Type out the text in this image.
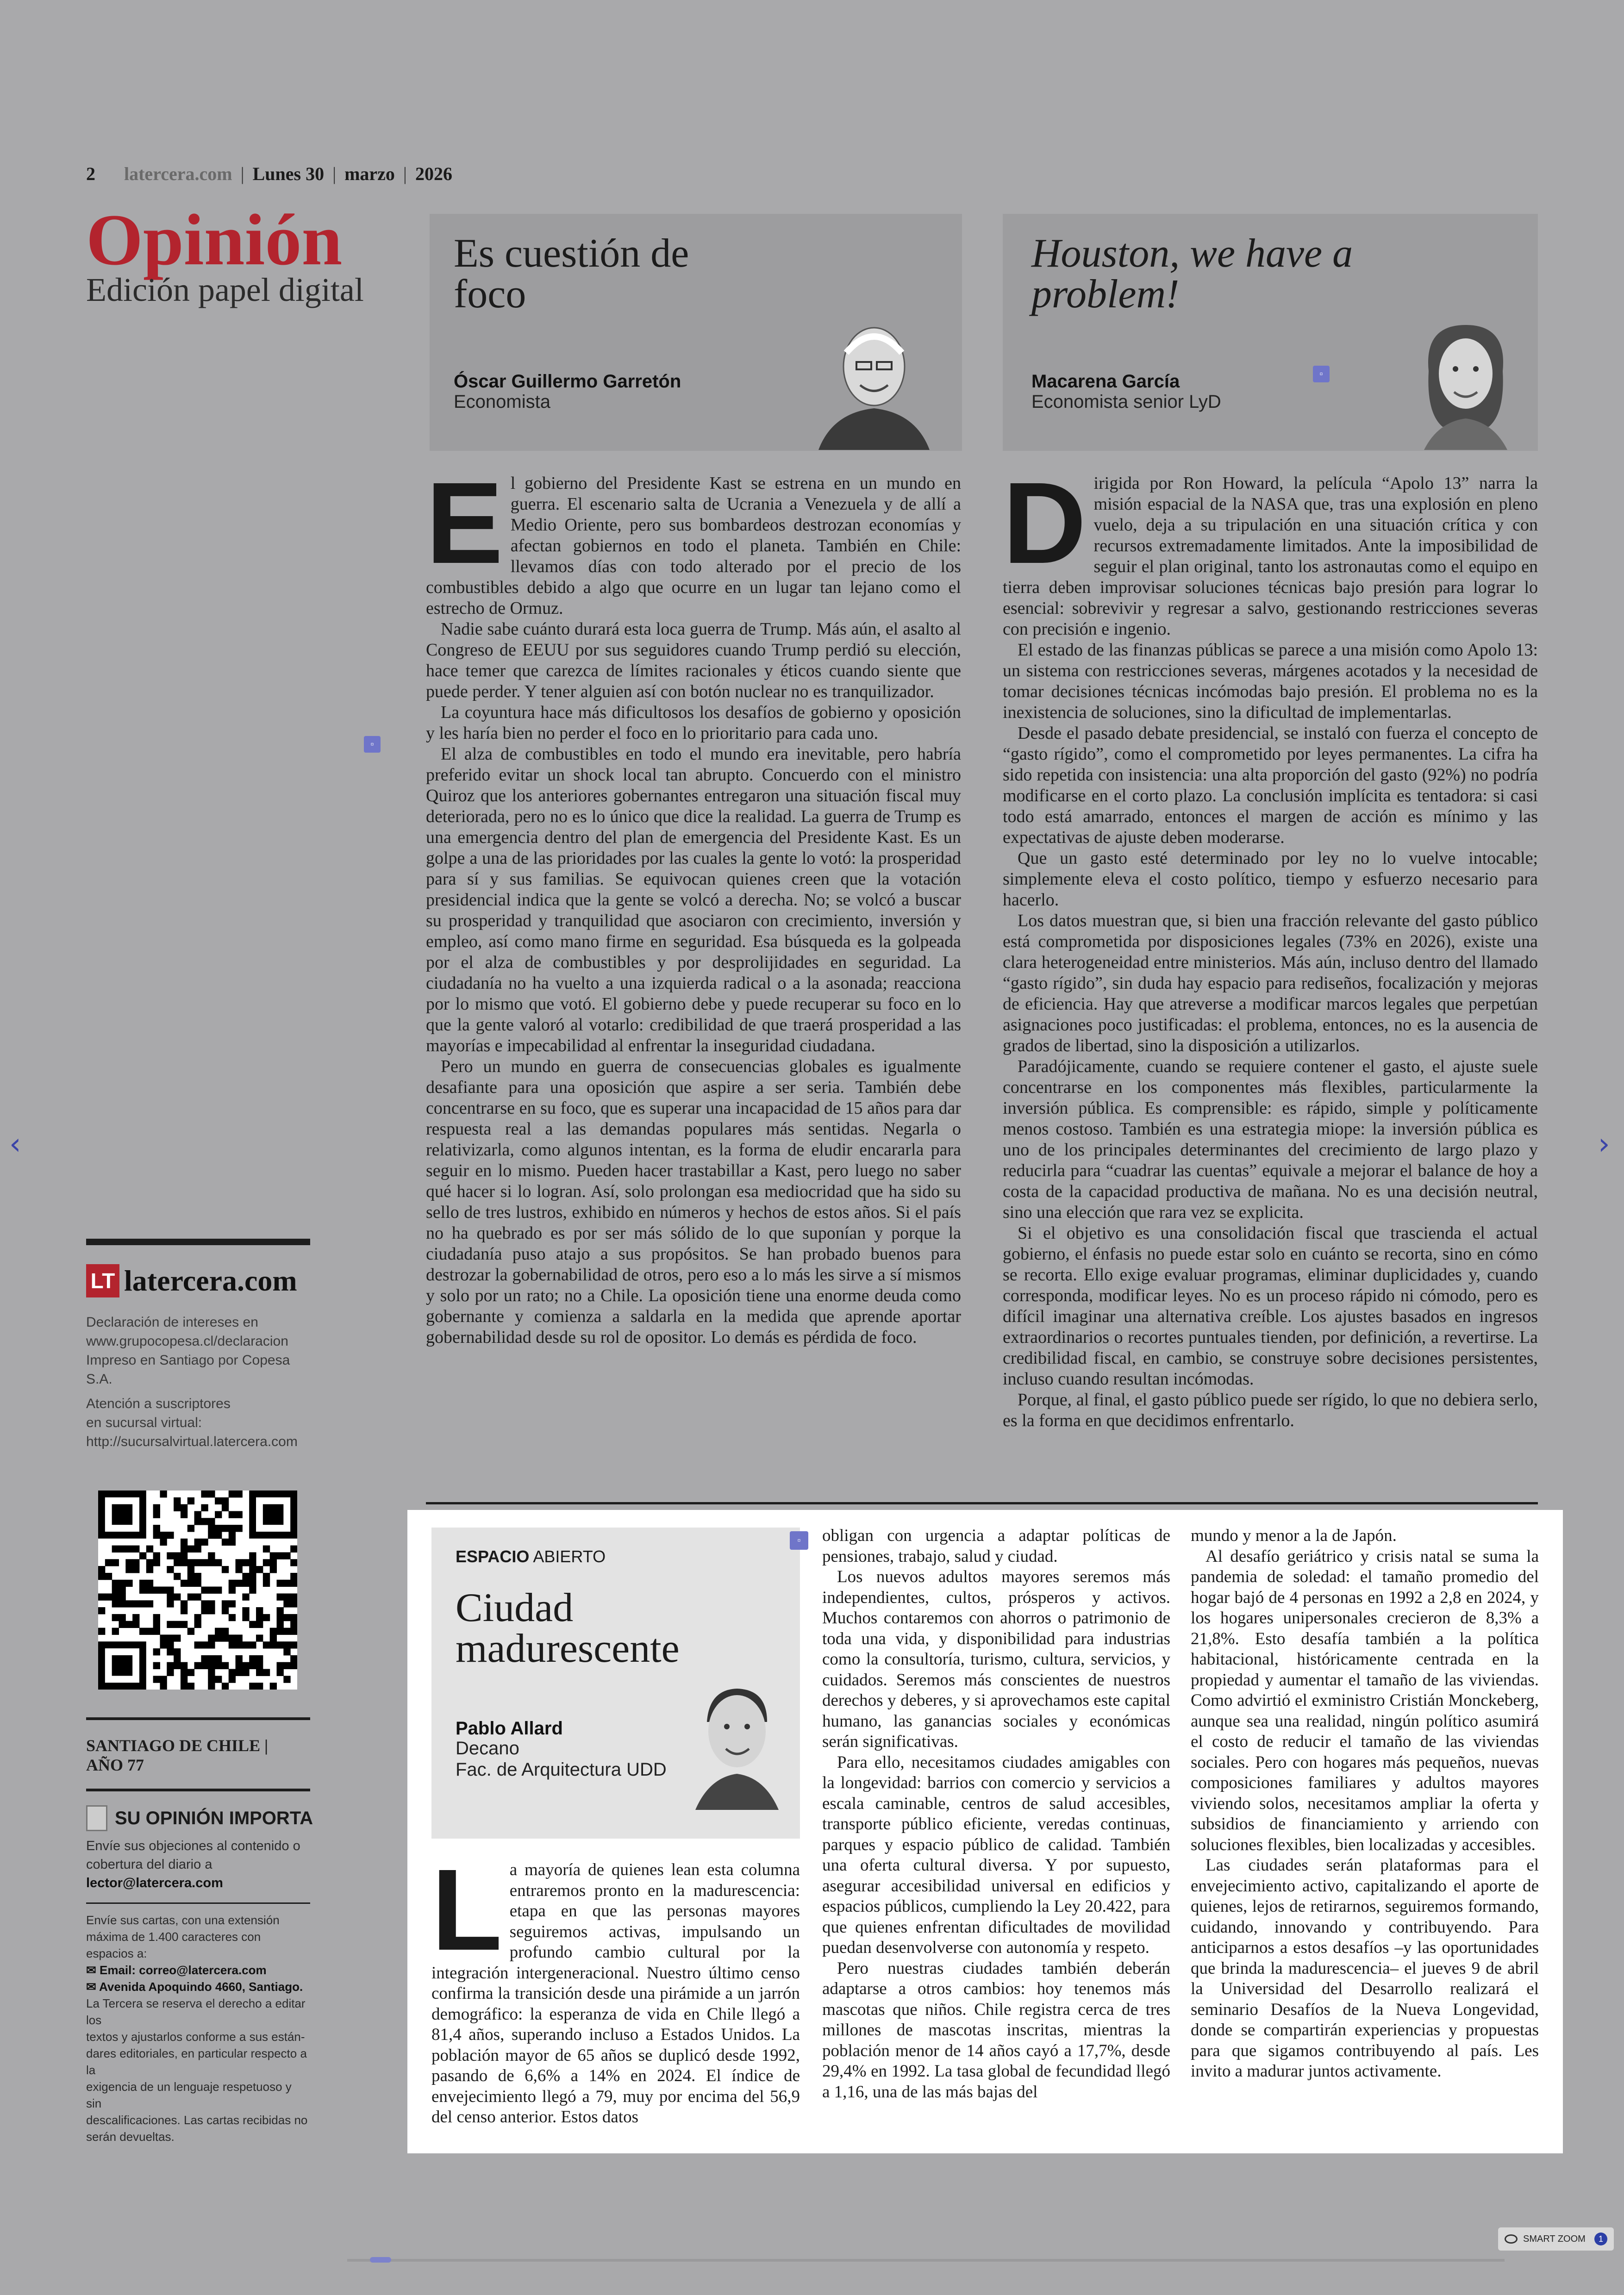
2 latercera.com | Lunes 30 | marzo | 2026
Opinión
Edición papel digital
LT latercera.com
Declaración de intereses en
www.grupocopesa.cl/declaracion
Impreso en Santiago por Copesa S.A.
Atención a suscriptores
en sucursal virtual:
http://sucursalvirtual.latercera.com
SANTIAGO DE CHILE |
AÑO 77
SU OPINIÓN IMPORTA
Envíe sus objeciones al contenido o
cobertura del diario a
lector@latercera.com
Envíe sus cartas, con una extensión
máxima de 1.400 caracteres con
espacios a:
✉ Email: correo@latercera.com
✉ Avenida Apoquindo 4660, Santiago.
La Tercera se reserva el derecho a editar los
textos y ajustarlos conforme a sus están-
dares editoriales, en particular respecto a la
exigencia de un lenguaje respetuoso y sin
descalificaciones. Las cartas recibidas no
serán devueltas.
Es cuestión de
foco
Óscar Guillermo Garretón
Economista
Houston, we have a
problem!
Macarena García
Economista senior LyD
▫
▫

El gobierno del Presidente Kast se estrena en un mundo en guerra. El escenario salta de Ucrania a Venezuela y de allí a Medio Oriente, pero sus bombardeos destrozan economías y afectan gobiernos en todo el planeta. También en Chile: llevamos días con todo alterado por el precio de los combustibles debido a algo que ocurre en un lugar tan lejano como el estrecho de Ormuz.

Nadie sabe cuánto durará esta loca guerra de Trump. Más aún, el asalto al Congreso de EEUU por sus seguidores cuando Trump perdió su elección, hace temer que carezca de límites racionales y éticos cuando siente que puede perder. Y tener alguien así con botón nuclear no es tranquilizador.

La coyuntura hace más dificultosos los desafíos de gobierno y oposición y les haría bien no perder el foco en lo prioritario para cada uno.

El alza de combustibles en todo el mundo era inevitable, pero habría preferido evitar un shock local tan abrupto. Concuerdo con el ministro Quiroz que los anteriores gobernantes entregaron una situación fiscal muy deteriorada, pero no es lo único que dice la realidad. La guerra de Trump es una emergencia dentro del plan de emergencia del Presidente Kast. Es un golpe a una de las prioridades por las cuales la gente lo votó: la prosperidad para sí y sus familias. Se equivocan quienes creen que la votación presidencial indica que la gente se volcó a derecha. No; se volcó a buscar su prosperidad y tranquilidad que asociaron con crecimiento, inversión y empleo, así como mano firme en seguridad. Esa búsqueda es la golpeada por el alza de combustibles y por desprolijidades en seguridad. La ciudadanía no ha vuelto a una izquierda radical o a la asonada; reacciona por lo mismo que votó. El gobierno debe y puede recuperar su foco en lo que la gente valoró al votarlo: credibilidad de que traerá prosperidad a las mayorías e impecabilidad al enfrentar la inseguridad ciudadana.

Pero un mundo en guerra de consecuencias globales es igualmente desafiante para una oposición que aspire a ser seria. También debe concentrarse en su foco, que es superar una incapacidad de 15 años para dar respuesta real a las demandas populares más sentidas. Negarla o relativizarla, como algunos intentan, es la forma de eludir encararla para seguir en lo mismo. Pueden hacer trastabillar a Kast, pero luego no saber qué hacer si lo logran. Así, solo prolongan esa mediocridad que ha sido su sello de tres lustros, exhibido en números y hechos de estos años. Si el país no ha quebrado es por ser más sólido de lo que suponían y porque la ciudadanía puso atajo a sus propósitos. Se han probado buenos para destrozar la gobernabilidad de otros, pero eso a lo más les sirve a sí mismos y solo por un rato; no a Chile. La oposición tiene una enorme deuda como gobernante y comienza a saldarla en la medida que aprende aportar gobernabilidad desde su rol de opositor. Lo demás es pérdida de foco.

Dirigida por Ron Howard, la película “Apolo 13” narra la misión espacial de la NASA que, tras una explosión en pleno vuelo, deja a su tripulación en una situación crítica y con recursos extremadamente limitados. Ante la imposibilidad de seguir el plan original, tanto los astronautas como el equipo en tierra deben improvisar soluciones técnicas bajo presión para lograr lo esencial: sobrevivir y regresar a salvo, gestionando restricciones severas con precisión e ingenio.

El estado de las finanzas públicas se parece a una misión como Apolo 13: un sistema con restricciones severas, márgenes acotados y la necesidad de tomar decisiones técnicas incómodas bajo presión. El problema no es la inexistencia de soluciones, sino la dificultad de implementarlas.

Desde el pasado debate presidencial, se instaló con fuerza el concepto de “gasto rígido”, como el comprometido por leyes permanentes. La cifra ha sido repetida con insistencia: una alta proporción del gasto (92%) no podría modificarse en el corto plazo. La conclusión implícita es tentadora: si casi todo está amarrado, entonces el margen de acción es mínimo y las expectativas de ajuste deben moderarse.

Que un gasto esté determinado por ley no lo vuelve intocable; simplemente eleva el costo político, tiempo y esfuerzo necesario para hacerlo.

Los datos muestran que, si bien una fracción relevante del gasto público está comprometida por disposiciones legales (73% en 2026), existe una clara heterogeneidad entre ministerios. Más aún, incluso dentro del llamado “gasto rígido”, sin duda hay espacio para rediseños, focalización y mejoras de eficiencia. Hay que atreverse a modificar marcos legales que perpetúan asignaciones poco justificadas: el problema, entonces, no es la ausencia de grados de libertad, sino la disposición a utilizarlos.

Paradójicamente, cuando se requiere contener el gasto, el ajuste suele concentrarse en los componentes más flexibles, particularmente la inversión pública. Es comprensible: es rápido, simple y políticamente menos costoso. También es una estrategia miope: la inversión pública es uno de los principales determinantes del crecimiento de largo plazo y reducirla para “cuadrar las cuentas” equivale a mejorar el balance de hoy a costa de la capacidad productiva de mañana. No es una decisión neutral, sino una elección que rara vez se explicita.

Si el objetivo es una consolidación fiscal que trascienda el actual gobierno, el énfasis no puede estar solo en cuánto se recorta, sino en cómo se recorta. Ello exige evaluar programas, eliminar duplicidades y, cuando corresponda, modificar leyes. No es un proceso rápido ni cómodo, pero es difícil imaginar una alternativa creíble. Los ajustes basados en ingresos extraordinarios o recortes puntuales tienden, por definición, a revertirse. La credibilidad fiscal, en cambio, se construye sobre decisiones persistentes, incluso cuando resultan incómodas.

Porque, al final, el gasto público puede ser rígido, lo que no debiera serlo, es la forma en que decidimos enfrentarlo.

ESPACIO ABIERTO
Ciudad
madurescente
Pablo Allard
Decano
Fac. de Arquitectura UDD
▫

La mayoría de quienes lean esta columna entraremos pronto en la madurescencia: etapa en que las personas mayores seguiremos activas, impulsando un profundo cambio cultural por la integración intergeneracional. Nuestro último censo confirma la transición desde una pirámide a un jarrón demográfico: la esperanza de vida en Chile llegó a 81,4 años, superando incluso a Estados Unidos. La población mayor de 65 años se duplicó desde 1992, pasando de 6,6% a 14% en 2024. El índice de envejecimiento llegó a 79, muy por encima del 56,9 del censo anterior. Estos datos

obligan con urgencia a adaptar políticas de pensiones, trabajo, salud y ciudad.

Los nuevos adultos mayores seremos más independientes, cultos, prósperos y activos. Muchos contaremos con ahorros o patrimonio de toda una vida, y disponibilidad para industrias como la consultoría, turismo, cultura, servicios, y cuidados. Seremos más conscientes de nuestros derechos y deberes, y si aprovechamos este capital humano, las ganancias sociales y económicas serán significativas.

Para ello, necesitamos ciudades amigables con la longevidad: barrios con comercio y servicios a escala caminable, centros de salud accesibles, transporte público eficiente, veredas continuas, parques y espacio público de calidad. También una oferta cultural diversa. Y por supuesto, asegurar accesibilidad universal en edificios y espacios públicos, cumpliendo la Ley 20.422, para que quienes enfrentan dificultades de movilidad puedan desenvolverse con autonomía y respeto.

Pero nuestras ciudades también deberán adaptarse a otros cambios: hoy tenemos más mascotas que niños. Chile registra cerca de tres millones de mascotas inscritas, mientras la población menor de 14 años cayó a 17,7%, desde 29,4% en 1992. La tasa global de fecundidad llegó a 1,16, una de las más bajas del

mundo y menor a la de Japón.

Al desafío geriátrico y crisis natal se suma la pandemia de soledad: el tamaño promedio del hogar bajó de 4 personas en 1992 a 2,8 en 2024, y los hogares unipersonales crecieron de 8,3% a 21,8%. Esto desafía también a la política habitacional, históricamente centrada en la propiedad y aumentar el tamaño de las viviendas. Como advirtió el exministro Cristián Monckeberg, aunque sea una realidad, ningún político asumirá el costo de reducir el tamaño de las viviendas sociales. Pero con hogares más pequeños, nuevas composiciones familiares y adultos mayores viviendo solos, necesitamos ampliar la oferta y subsidios de financiamiento y arriendo con soluciones flexibles, bien localizadas y accesibles.

Las ciudades serán plataformas para el envejecimiento activo, capitalizando el aporte de quienes, lejos de retirarnos, seguiremos formando, cuidando, innovando y contribuyendo. Para anticiparnos a estos desafíos –y las oportunidades que brinda la madurescencia– el jueves 9 de abril la Universidad del Desarrollo realizará el seminario Desafíos de la Nueva Longevidad, donde se compartirán experiencias y propuestas para que sigamos contribuyendo al país. Les invito a madurar juntos activamente.

‹	›
SMART ZOOM	1
